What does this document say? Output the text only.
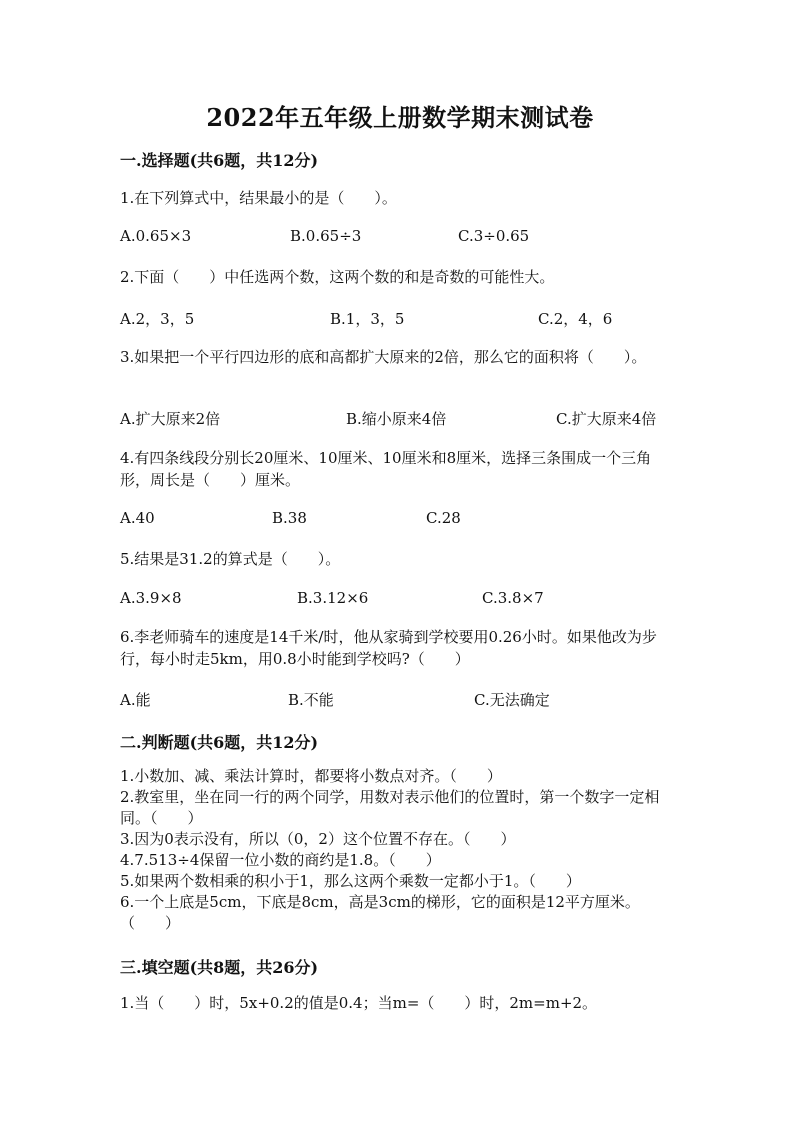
2022年五年级上册数学期末测试卷
一.选择题(共6题，共12分)
1.在下列算式中，结果最小的是（　　）。
A.0.65×3	B.0.65÷3	C.3÷0.65
2.下面（　　）中任选两个数，这两个数的和是奇数的可能性大。
A.2，3，5	B.1，3，5	C.2，4，6
3.如果把一个平行四边形的底和高都扩大原来的2倍，那么它的面积将（　　）。
A.扩大原来2倍	B.缩小原来4倍	C.扩大原来4倍
4.有四条线段分别长20厘米、10厘米、10厘米和8厘米，选择三条围成一个三角形，周长是（　　）厘米。
A.40	B.38	C.28
5.结果是31.2的算式是（　　）。
A.3.9×8	B.3.12×6	C.3.8×7
6.李老师骑车的速度是14千米/时，他从家骑到学校要用0.26小时。如果他改为步行，每小时走5km，用0.8小时能到学校吗?（　　）
A.能	B.不能	C.无法确定
二.判断题(共6题，共12分)
1.小数加、减、乘法计算时，都要将小数点对齐。（　　）
2.教室里，坐在同一行的两个同学，用数对表示他们的位置时，第一个数字一定相同。（　　）
3.因为0表示没有，所以（0，2）这个位置不存在。（　　）
4.7.513÷4保留一位小数的商约是1.8。（　　）
5.如果两个数相乘的积小于1，那么这两个乘数一定都小于1。（　　）
6.一个上底是5cm，下底是8cm，高是3cm的梯形，它的面积是12平方厘米。（　　）
三.填空题(共8题，共26分)
1.当（　　）时，5x+0.2的值是0.4；当m=（　　）时，2m=m+2。
